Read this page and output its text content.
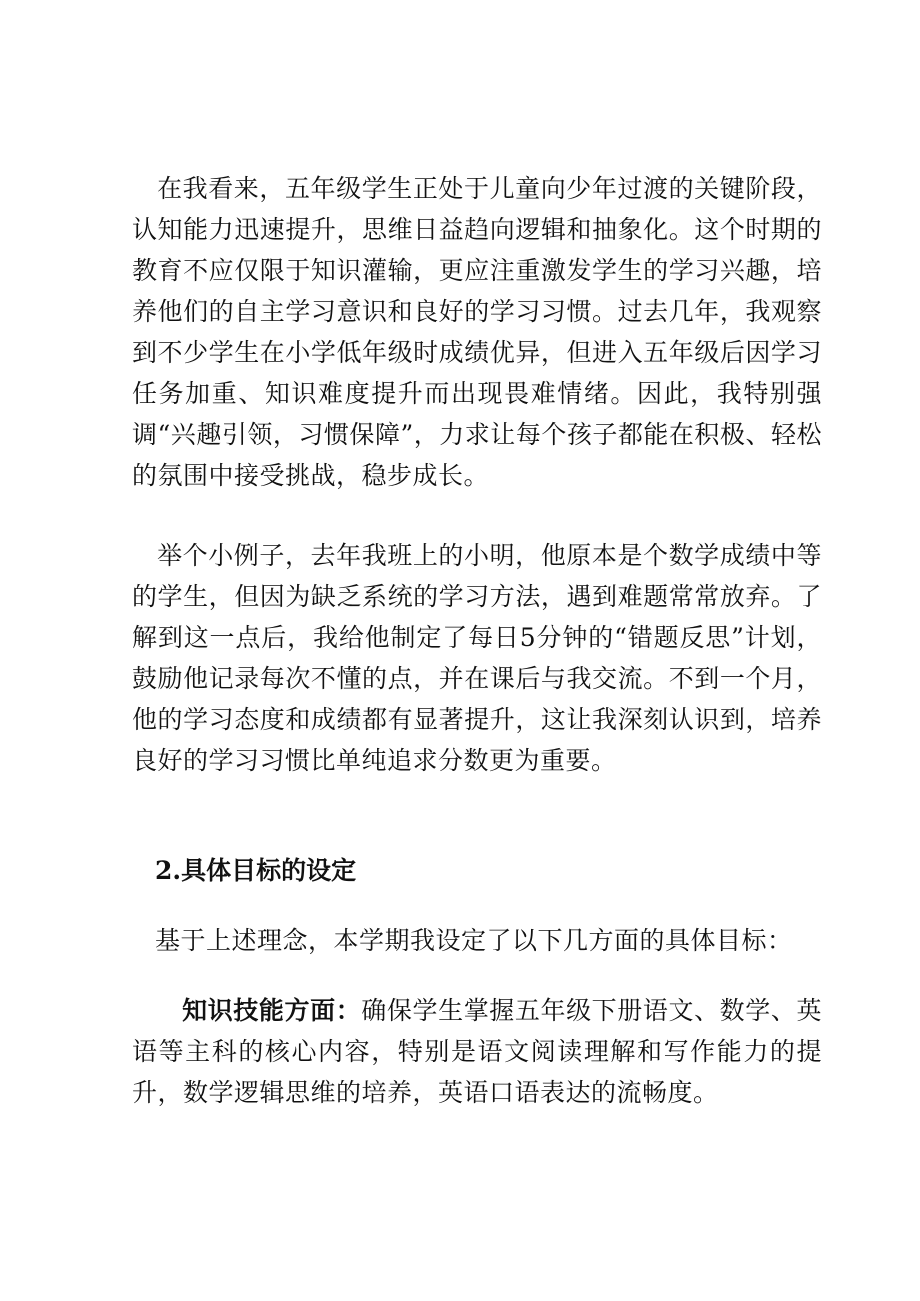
在我看来，五年级学生正处于儿童向少年过渡的关键阶段，认知能力迅速提升，思维日益趋向逻辑和抽象化。这个时期的教育不应仅限于知识灌输，更应注重激发学生的学习兴趣，培养他们的自主学习意识和良好的学习习惯。过去几年，我观察到不少学生在小学低年级时成绩优异，但进入五年级后因学习任务加重、知识难度提升而出现畏难情绪。因此，我特别强调“兴趣引领，习惯保障”，力求让每个孩子都能在积极、轻松的氛围中接受挑战，稳步成长。

举个小例子，去年我班上的小明，他原本是个数学成绩中等的学生，但因为缺乏系统的学习方法，遇到难题常常放弃。了解到这一点后，我给他制定了每日5分钟的“错题反思”计划，鼓励他记录每次不懂的点，并在课后与我交流。不到一个月，他的学习态度和成绩都有显著提升，这让我深刻认识到，培养良好的学习习惯比单纯追求分数更为重要。

2.具体目标的设定

基于上述理念，本学期我设定了以下几方面的具体目标：

知识技能方面：确保学生掌握五年级下册语文、数学、英语等主科的核心内容，特别是语文阅读理解和写作能力的提升，数学逻辑思维的培养，英语口语表达的流畅度。
